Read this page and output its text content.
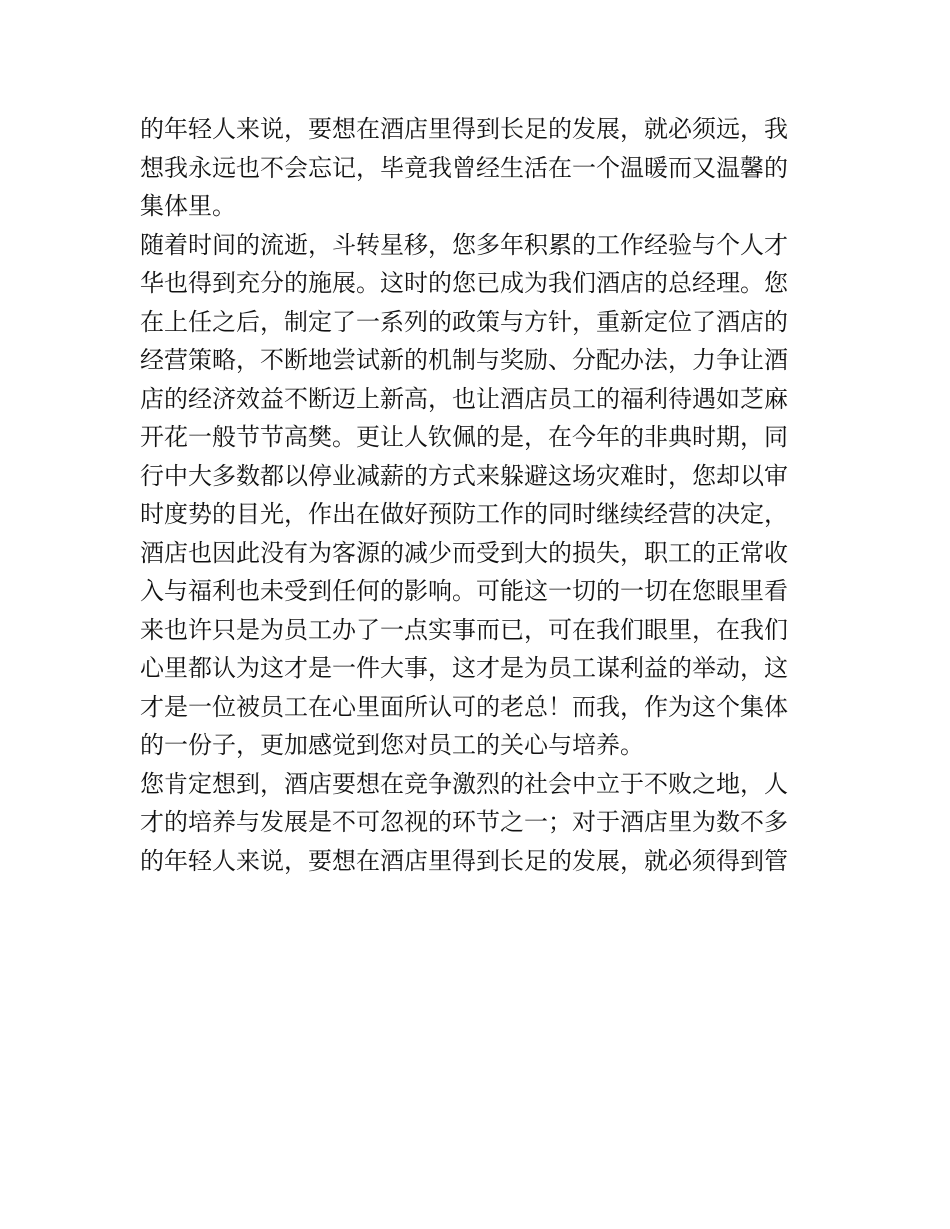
的年轻人来说，要想在酒店里得到长足的发展，就必须远，我
想我永远也不会忘记，毕竟我曾经生活在一个温暖而又温馨的
集体里。
随着时间的流逝，斗转星移，您多年积累的工作经验与个人才
华也得到充分的施展。这时的您已成为我们酒店的总经理。您
在上任之后，制定了一系列的政策与方针，重新定位了酒店的
经营策略，不断地尝试新的机制与奖励、分配办法，力争让酒
店的经济效益不断迈上新高，也让酒店员工的福利待遇如芝麻
开花一般节节高樊。更让人钦佩的是，在今年的非典时期，同
行中大多数都以停业减薪的方式来躲避这场灾难时，您却以审
时度势的目光，作出在做好预防工作的同时继续经营的决定，
酒店也因此没有为客源的减少而受到大的损失，职工的正常收
入与福利也未受到任何的影响。可能这一切的一切在您眼里看
来也许只是为员工办了一点实事而已，可在我们眼里，在我们
心里都认为这才是一件大事，这才是为员工谋利益的举动，这
才是一位被员工在心里面所认可的老总！而我，作为这个集体
的一份子，更加感觉到您对员工的关心与培养。
您肯定想到，酒店要想在竞争激烈的社会中立于不败之地，人
才的培养与发展是不可忽视的环节之一；对于酒店里为数不多
的年轻人来说，要想在酒店里得到长足的发展，就必须得到管
